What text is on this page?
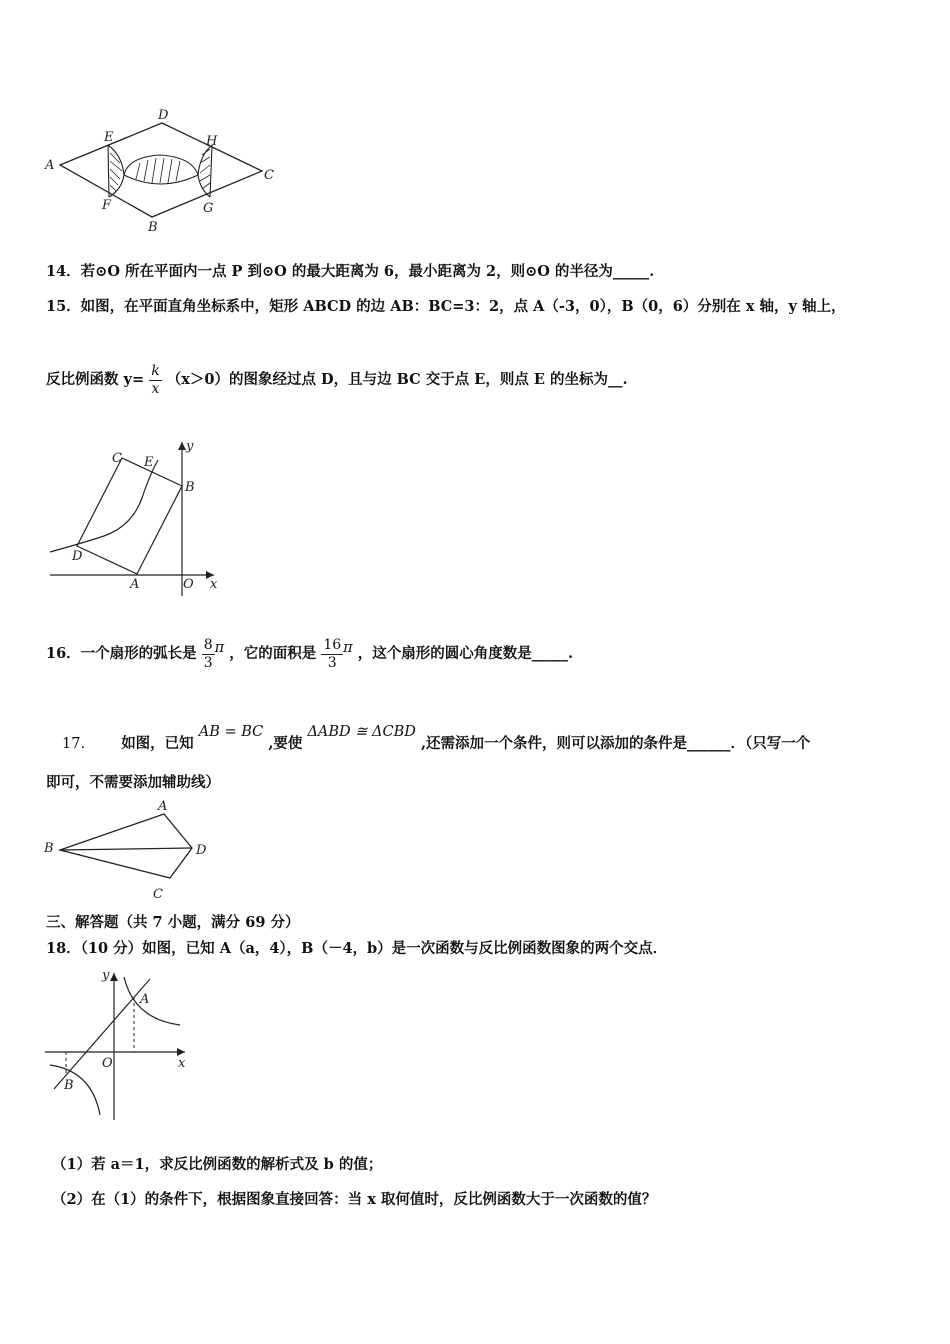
D
E	H
A
C
F	G
B
14．若⊙O 所在平面内一点 P 到⊙O 的最大距离为 6，最小距离为 2，则⊙O 的半径为_____.
15．如图，在平面直角坐标系中，矩形 ABCD 的边 AB：BC=3：2，点 A（-3，0），B（0，6）分别在 x 轴，y 轴上，
反比例函数 $y= \frac{k}{x} (x>0)$的图象经过点 D，且与边 BC 交于点 E，则点 E 的坐标为__.
y
C E
B
D
A	O x
16．一个扇形的弧长是 $\frac{8}{3}$ π ，它的面积是 $\frac{16}{3}$ π ，这个扇形的圆心角度数是_____.
17. 如图，已知 AB = BC ,要使 ΔABD ≅ ΔCBD ,还需添加一个条件，则可以添加的条件是______．（只写一个
即可，不需要添加辅助线）
A
B	D
C
三、解答题（共 7 小题，满分 69 分）
18．（10 分）如图，已知 A（a，4），B（－4，b）是一次函数与反比例函数图象的两个交点．
y
A
O	x
B
（1）若 a＝1，求反比例函数的解析式及 b 的值；
（2）在（1）的条件下，根据图象直接回答：当 x 取何值时，反比例函数大于一次函数的值？
